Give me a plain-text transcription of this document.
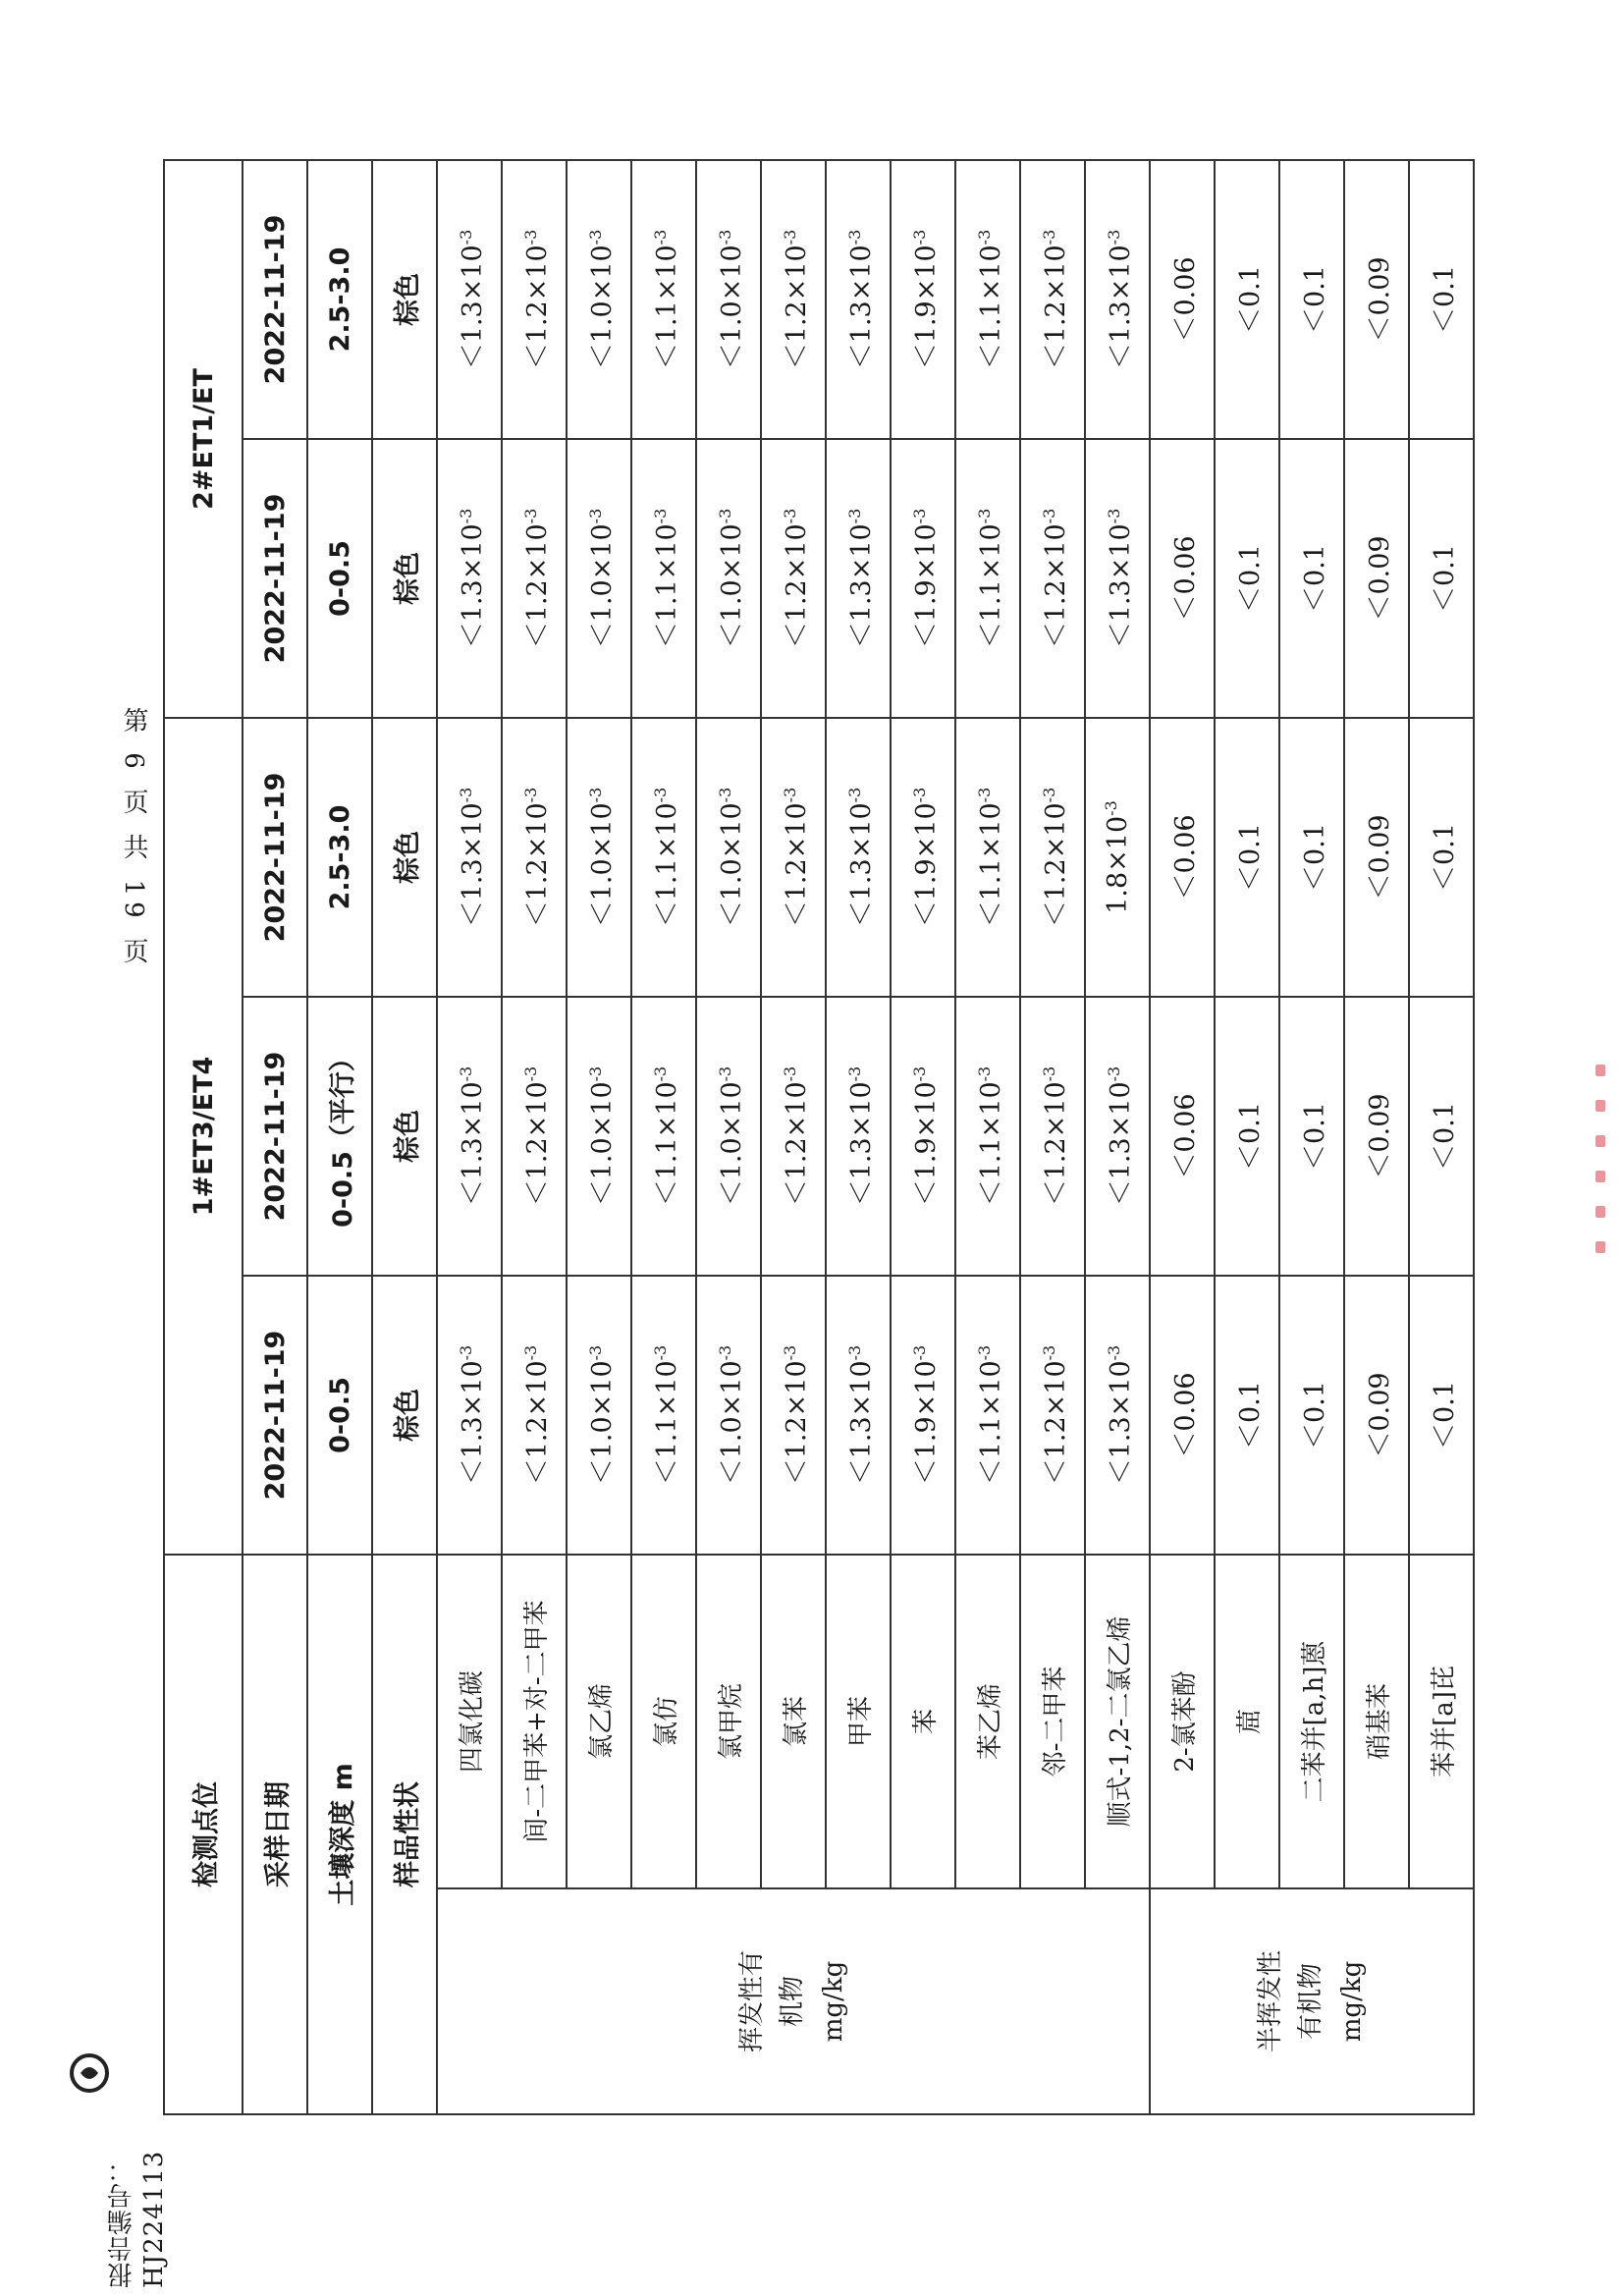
报告编号：HJ224113
第 6 页 共 19 页
检测点位		1#ET3/ET4			2#ET1/ET	
采样日期		2022-11-19	2022-11-19	2022-11-19	2022-11-19	2022-11-19
土壤深度 m		0-0.5	0-0.5（平行）	2.5-3.0	0-0.5	2.5-3.0
样品性状		棕色	棕色	棕色	棕色	棕色

挥发性有 机物 mg/kg	四氯化碳	$<1.3\times 10^{-3}$	$<1.3\times 10^{-3}$	$<1.3\times 10^{-3}$	$<1.3\times 10^{-3}$	$<1.3\times 10^{-3}$
	间-二甲苯+对-二甲苯	$<1.2\times 10^{-3}$	$<1.2\times 10^{-3}$	$<1.2\times 10^{-3}$	$<1.2\times 10^{-3}$	$<1.2\times 10^{-3}$
	氯乙烯	$<1.0\times 10^{-3}$	$<1.0\times 10^{-3}$	$<1.0\times 10^{-3}$	$<1.0\times 10^{-3}$	$<1.0\times 10^{-3}$
	氯仿	$<1.1\times 10^{-3}$	$<1.1\times 10^{-3}$	$<1.1\times 10^{-3}$	$<1.1\times 10^{-3}$	$<1.1\times 10^{-3}$
	氯甲烷	$<1.0\times 10^{-3}$	$<1.0\times 10^{-3}$	$<1.0\times 10^{-3}$	$<1.0\times 10^{-3}$	$<1.0\times 10^{-3}$
	氯苯	$<1.2\times 10^{-3}$	$<1.2\times 10^{-3}$	$<1.2\times 10^{-3}$	$<1.2\times 10^{-3}$	$<1.2\times 10^{-3}$
	甲苯	$<1.3\times 10^{-3}$	$<1.3\times 10^{-3}$	$<1.3\times 10^{-3}$	$<1.3\times 10^{-3}$	$<1.3\times 10^{-3}$
	苯	$<1.9\times 10^{-3}$	$<1.9\times 10^{-3}$	$<1.9\times 10^{-3}$	$<1.9\times 10^{-3}$	$<1.9\times 10^{-3}$
	苯乙烯	$<1.1\times 10^{-3}$	$<1.1\times 10^{-3}$	$<1.1\times 10^{-3}$	$<1.1\times 10^{-3}$	$<1.1\times 10^{-3}$
	邻-二甲苯	$<1.2\times 10^{-3}$	$<1.2\times 10^{-3}$	$<1.2\times 10^{-3}$	$<1.2\times 10^{-3}$	$<1.2\times 10^{-3}$
	顺式-1,2-二氯乙烯	$<1.3\times 10^{-3}$	$<1.3\times 10^{-3}$	$1.8\times 10^{-3}$	$<1.3\times 10^{-3}$	$<1.3\times 10^{-3}$

半挥发性 有机物 mg/kg	2-氯苯酚	＜0.06	＜0.06	＜0.06	＜0.06	＜0.06
	䓛	＜0.1	＜0.1	＜0.1	＜0.1	＜0.1
	二苯并[a,h]蒽	＜0.1	＜0.1	＜0.1	＜0.1	＜0.1
	硝基苯	＜0.09	＜0.09	＜0.09	＜0.09	＜0.09
	苯并[a]芘	＜0.1	＜0.1	＜0.1	＜0.1	＜0.1
